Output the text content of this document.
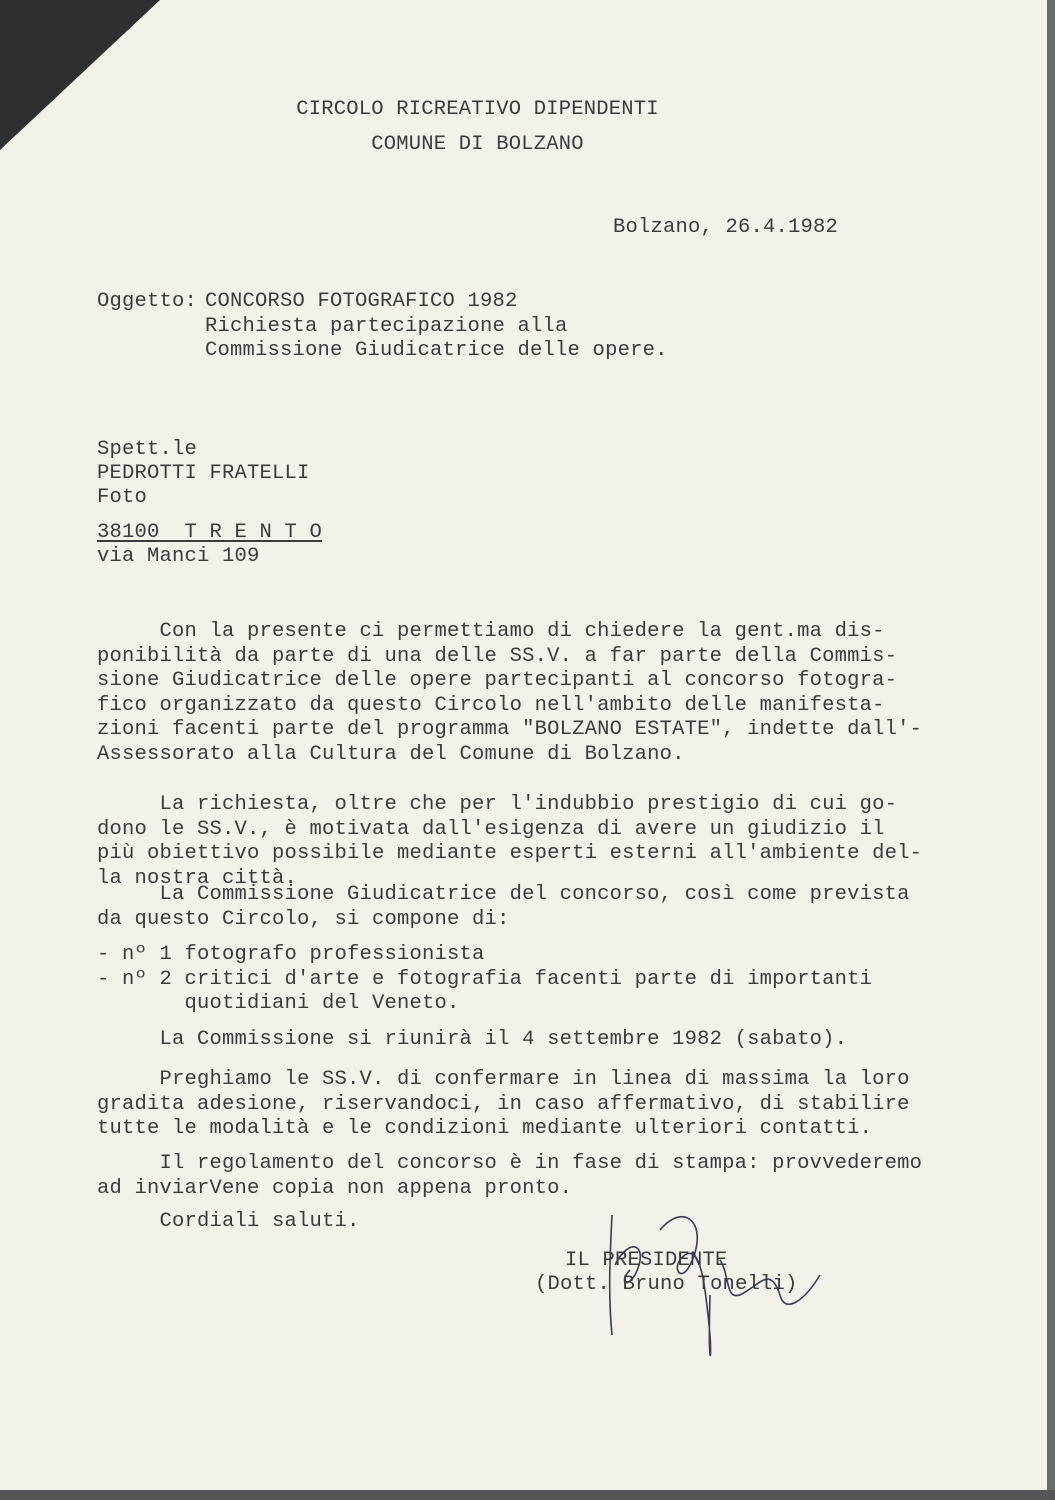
CIRCOLO RICREATIVO DIPENDENTI
COMUNE DI BOLZANO
Bolzano, 26.4.1982
Oggetto: CONCORSO FOTOGRAFICO 1982
Richiesta partecipazione alla
Commissione Giudicatrice delle opere.
Spett.le
PEDROTTI FRATELLI
Foto
38100 T R E N T O
via Manci 109
Con la presente ci permettiamo di chiedere la gent.ma dis-
ponibilità da parte di una delle SS.V. a far parte della Commis-
sione Giudicatrice delle opere partecipanti al concorso fotogra-
fico organizzato da questo Circolo nell'ambito delle manifesta-
zioni facenti parte del programma "BOLZANO ESTATE", indette dall'-
Assessorato alla Cultura del Comune di Bolzano.
La richiesta, oltre che per l'indubbio prestigio di cui go-
dono le SS.V., è motivata dall'esigenza di avere un giudizio il
più obiettivo possibile mediante esperti esterni all'ambiente del-
la nostra città.
La Commissione Giudicatrice del concorso, così come prevista
da questo Circolo, si compone di:
- nº 1 fotografo professionista
- nº 2 critici d'arte e fotografia facenti parte di importanti
quotidiani del Veneto.
La Commissione si riunirà il 4 settembre 1982 (sabato).
Preghiamo le SS.V. di confermare in linea di massima la loro
gradita adesione, riservandoci, in caso affermativo, di stabilire
tutte le modalità e le condizioni mediante ulteriori contatti.
Il regolamento del concorso è in fase di stampa: provvederemo
ad inviarVene copia non appena pronto.
Cordiali saluti.
IL PRESIDENTE
(Dott. Bruno Tonelli)
